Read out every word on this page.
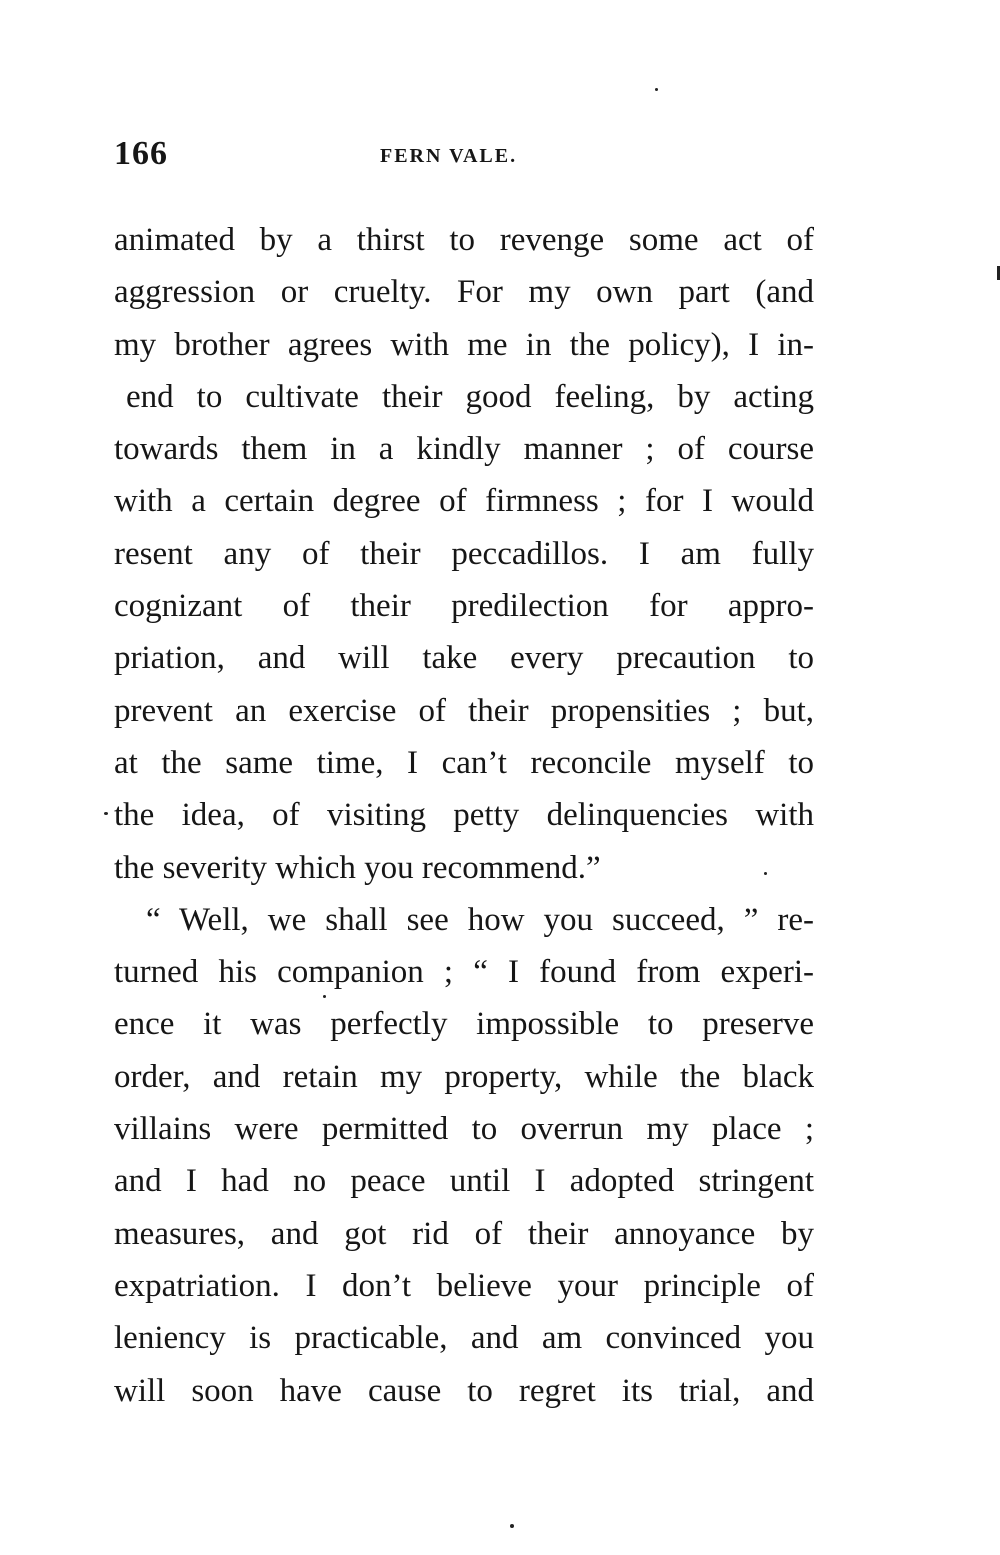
166	FERN VALE.
animated by a thirst to revenge some act of
aggression or cruelty. For my own part (and
my brother agrees with me in the policy), I in-
end to cultivate their good feeling, by acting
towards them in a kindly manner ; of course
with a certain degree of firmness ; for I would
resent any of their peccadillos. I am fully
cognizant of their predilection for appro-
priation, and will take every precaution to
prevent an exercise of their propensities ; but,
at the same time, I can’t reconcile myself to
the idea, of visiting petty delinquencies with
the severity which you recommend.”
“ Well, we shall see how you succeed, ” re-
turned his companion ; “ I found from experi-
ence it was perfectly impossible to preserve
order, and retain my property, while the black
villains were permitted to overrun my place ;
and I had no peace until I adopted stringent
measures, and got rid of their annoyance by
expatriation. I don’t believe your principle of
leniency is practicable, and am convinced you
will soon have cause to regret its trial, and
